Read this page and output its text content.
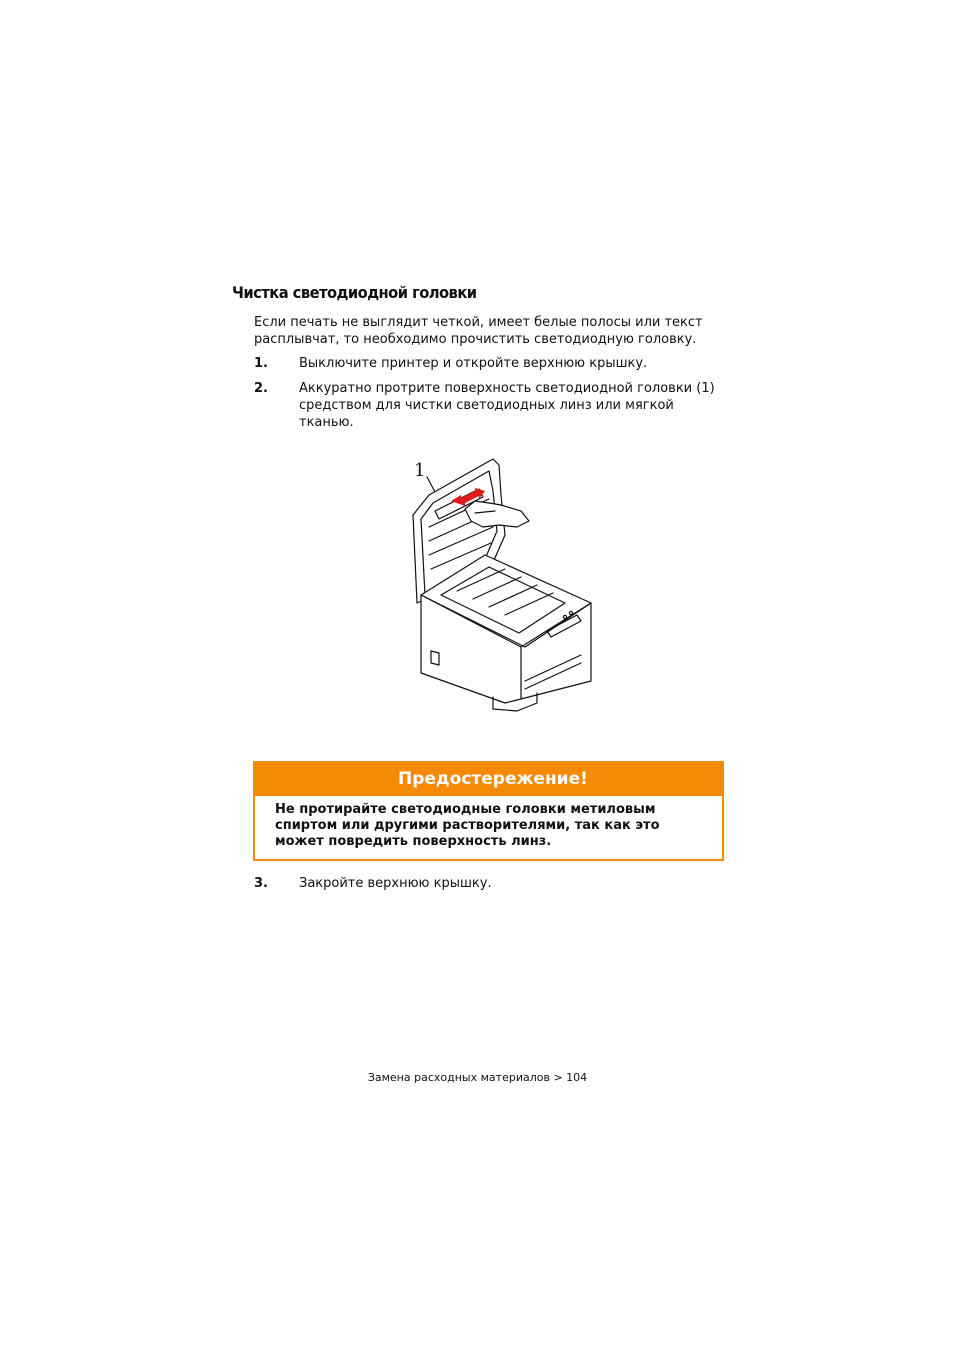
Чистка светодиодной головки

Если печать не выглядит четкой, имеет белые полосы или текст расплывчат, то необходимо прочистить светодиодную головку.

1. Выключите принтер и откройте верхнюю крышку.
2. Аккуратно протрите поверхность светодиодной головки (1) средством для чистки светодиодных линз или мягкой тканью.
1
Предостережение!
Не протирайте светодиодные головки метиловым спиртом или другими растворителями, так как это может повредить поверхность линз.
3. Закройте верхнюю крышку.
Замена расходных материалов > 104
